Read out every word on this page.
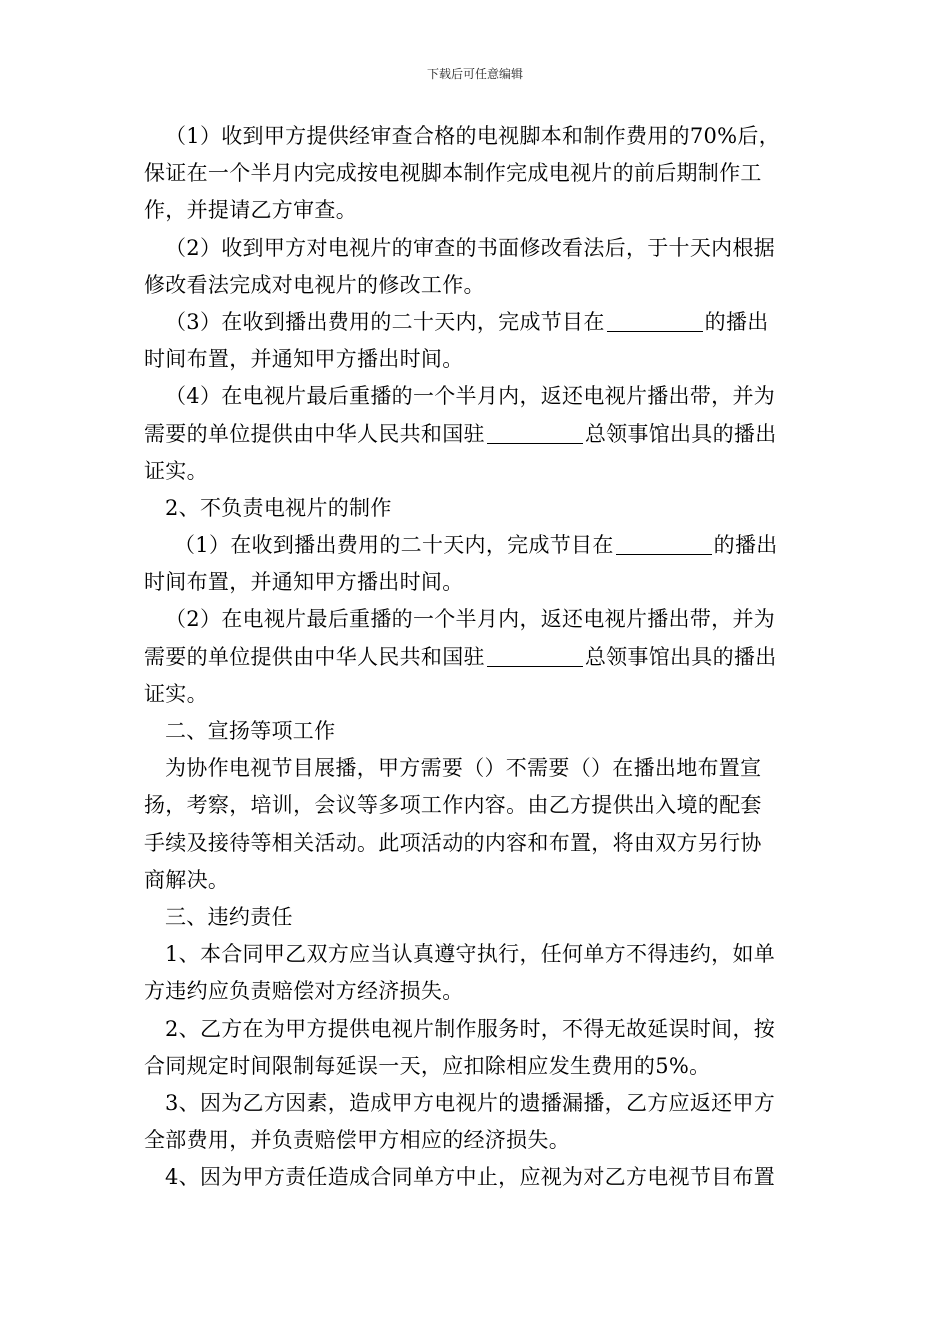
下载后可任意编辑
（1）收到甲方提供经审查合格的电视脚本和制作费用的70%后，
保证在一个半月内完成按电视脚本制作完成电视片的前后期制作工
作，并提请乙方审查。
（2）收到甲方对电视片的审查的书面修改看法后，于十天内根据
修改看法完成对电视片的修改工作。
（3）在收到播出费用的二十天内，完成节目在	的播出
时间布置，并通知甲方播出时间。
（4）在电视片最后重播的一个半月内，返还电视片播出带，并为
需要的单位提供由中华人民共和国驻	总领事馆出具的播出
证实。
2、不负责电视片的制作
（1）在收到播出费用的二十天内，完成节目在	的播出
时间布置，并通知甲方播出时间。
（2）在电视片最后重播的一个半月内，返还电视片播出带，并为
需要的单位提供由中华人民共和国驻	总领事馆出具的播出
证实。
二、宣扬等项工作
为协作电视节目展播，甲方需要（）不需要（）在播出地布置宣
扬，考察，培训，会议等多项工作内容。由乙方提供出入境的配套
手续及接待等相关活动。此项活动的内容和布置，将由双方另行协
商解决。
三、违约责任
1、本合同甲乙双方应当认真遵守执行，任何单方不得违约，如单
方违约应负责赔偿对方经济损失。
2、乙方在为甲方提供电视片制作服务时，不得无故延误时间，按
合同规定时间限制每延误一天，应扣除相应发生费用的5%。
3、因为乙方因素，造成甲方电视片的遗播漏播，乙方应返还甲方
全部费用，并负责赔偿甲方相应的经济损失。
4、因为甲方责任造成合同单方中止，应视为对乙方电视节目布置
